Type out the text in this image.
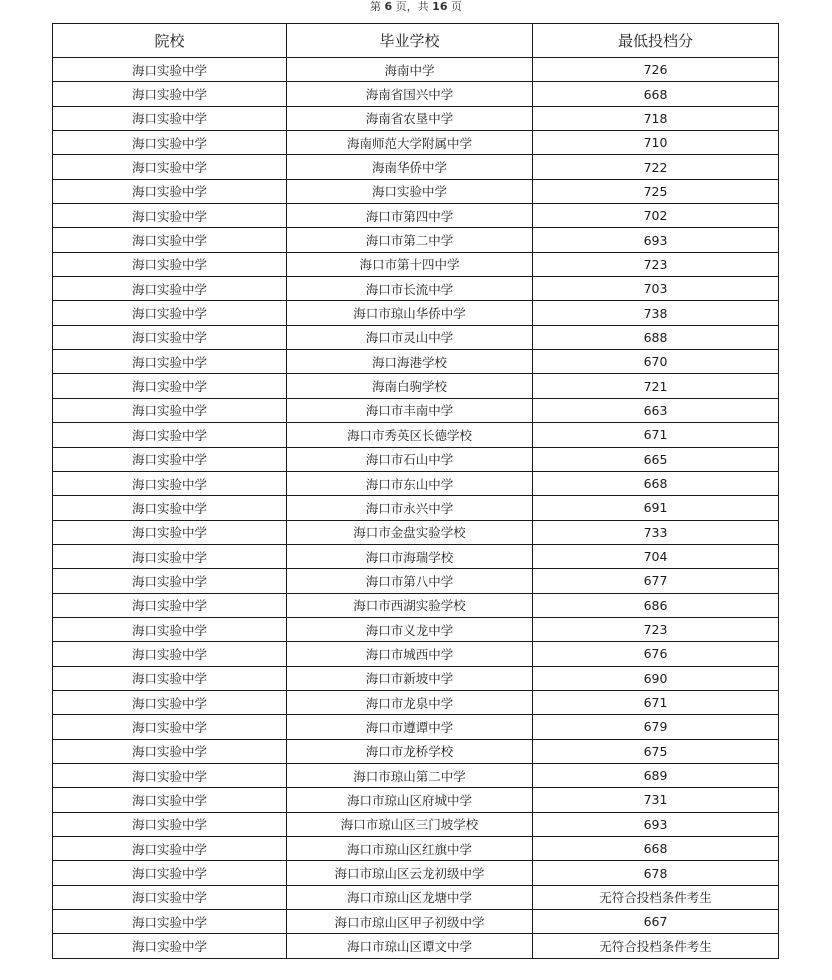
第 6 页，共 16 页
院校	毕业学校	最低投档分
海口实验中学	海南中学	726
海口实验中学	海南省国兴中学	668
海口实验中学	海南省农垦中学	718
海口实验中学	海南师范大学附属中学	710
海口实验中学	海南华侨中学	722
海口实验中学	海口实验中学	725
海口实验中学	海口市第四中学	702
海口实验中学	海口市第二中学	693
海口实验中学	海口市第十四中学	723
海口实验中学	海口市长流中学	703
海口实验中学	海口市琼山华侨中学	738
海口实验中学	海口市灵山中学	688
海口实验中学	海口海港学校	670
海口实验中学	海南白驹学校	721
海口实验中学	海口市丰南中学	663
海口实验中学	海口市秀英区长德学校	671
海口实验中学	海口市石山中学	665
海口实验中学	海口市东山中学	668
海口实验中学	海口市永兴中学	691
海口实验中学	海口市金盘实验学校	733
海口实验中学	海口市海瑞学校	704
海口实验中学	海口市第八中学	677
海口实验中学	海口市西湖实验学校	686
海口实验中学	海口市义龙中学	723
海口实验中学	海口市城西中学	676
海口实验中学	海口市新坡中学	690
海口实验中学	海口市龙泉中学	671
海口实验中学	海口市遵谭中学	679
海口实验中学	海口市龙桥学校	675
海口实验中学	海口市琼山第二中学	689
海口实验中学	海口市琼山区府城中学	731
海口实验中学	海口市琼山区三门坡学校	693
海口实验中学	海口市琼山区红旗中学	668
海口实验中学	海口市琼山区云龙初级中学	678
海口实验中学	海口市琼山区龙塘中学	无符合投档条件考生
海口实验中学	海口市琼山区甲子初级中学	667
海口实验中学	海口市琼山区谭文中学	无符合投档条件考生
